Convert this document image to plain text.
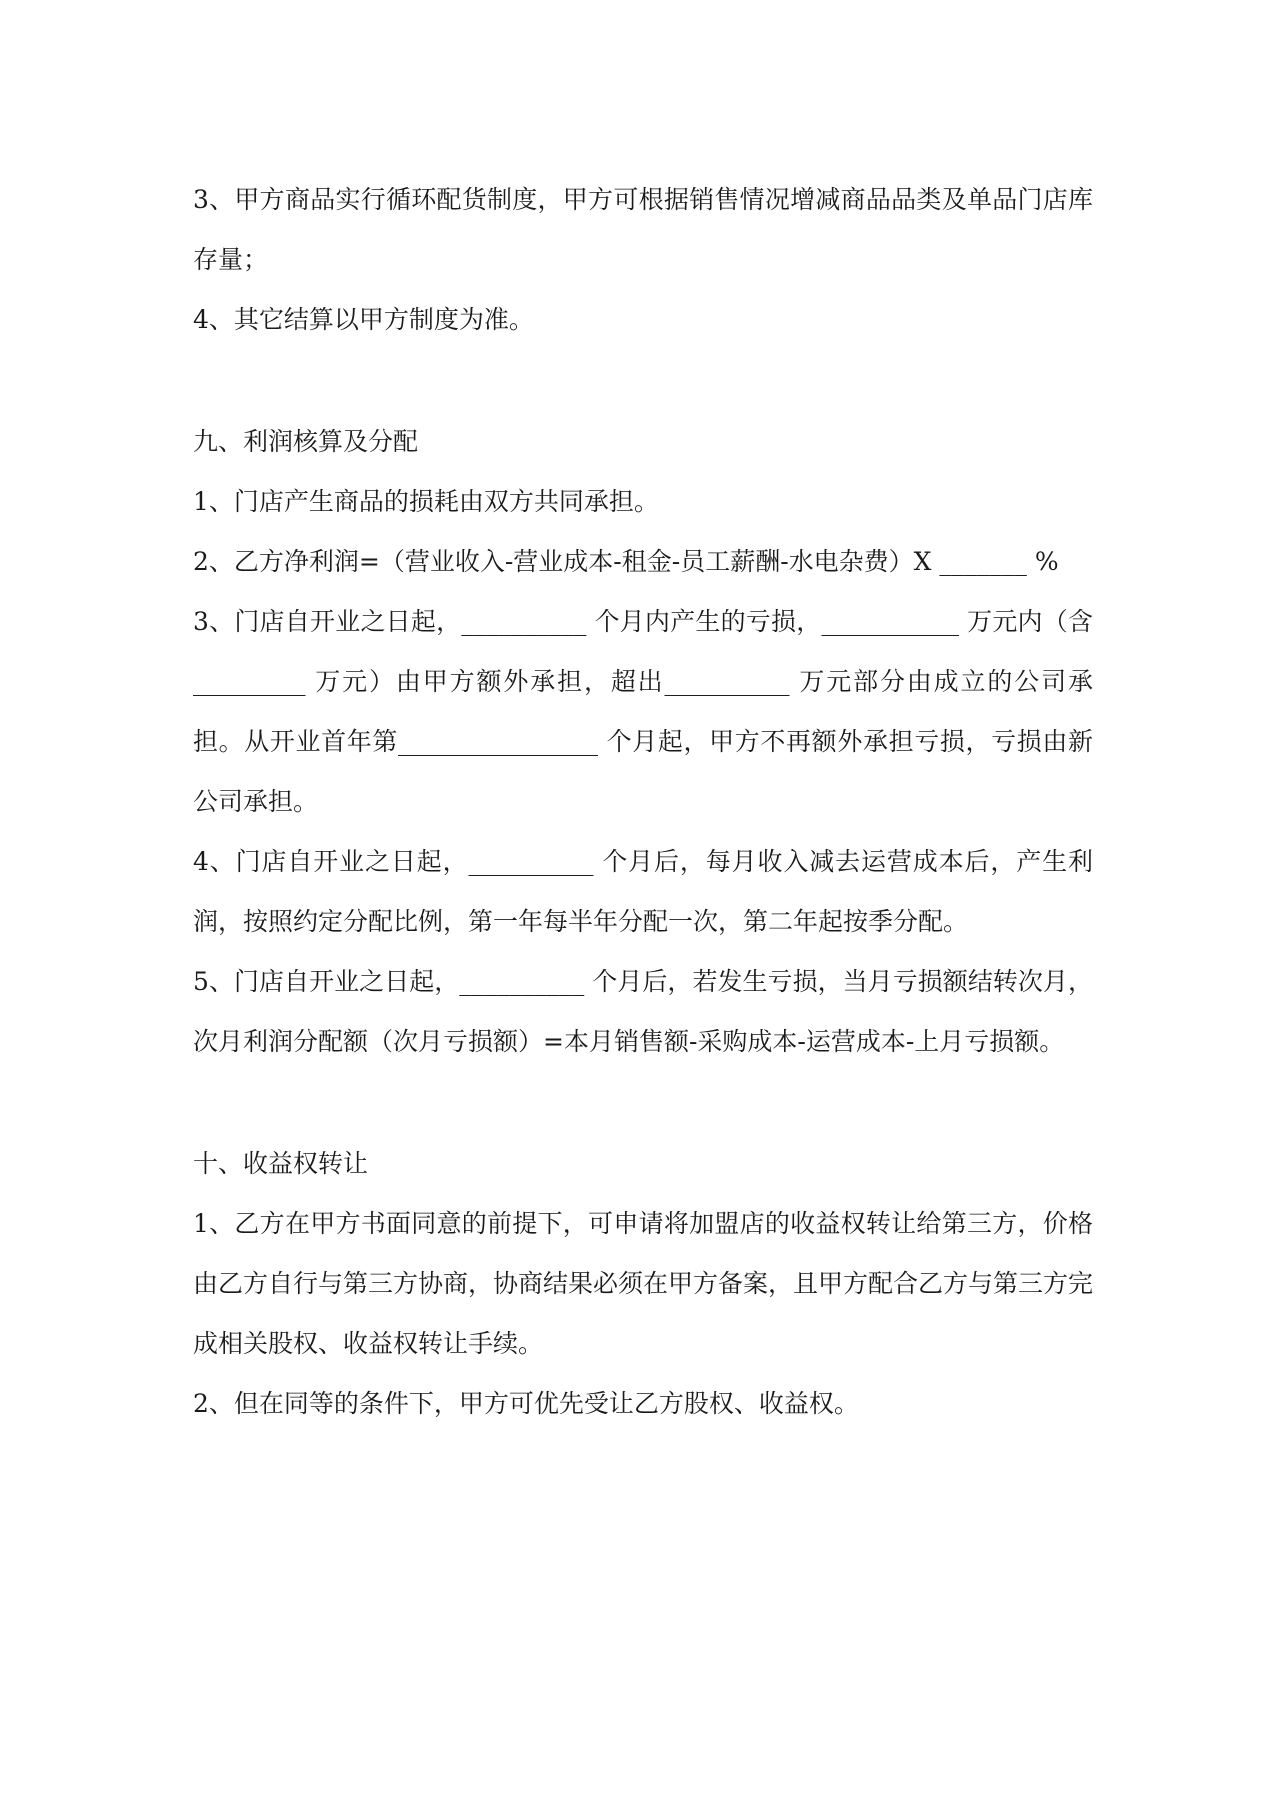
3、甲方商品实行循环配货制度，甲方可根据销售情况增减商品品类及单品门店库存量；

4、其它结算以甲方制度为准。

九、利润核算及分配

1、门店产生商品的损耗由双方共同承担。

2、乙方净利润=（营业收入-营业成本-租金-员工薪酬-水电杂费）X _______ %

3、门店自开业之日起，__________ 个月内产生的亏损，___________ 万元内（含_________ 万元）由甲方额外承担，超出__________ 万元部分由成立的公司承担。从开业首年第________________ 个月起，甲方不再额外承担亏损，亏损由新公司承担。

4、门店自开业之日起，__________ 个月后，每月收入减去运营成本后，产生利润，按照约定分配比例，第一年每半年分配一次，第二年起按季分配。

5、门店自开业之日起，__________ 个月后，若发生亏损，当月亏损额结转次月，次月利润分配额（次月亏损额）=本月销售额-采购成本-运营成本-上月亏损额。

十、收益权转让

1、乙方在甲方书面同意的前提下，可申请将加盟店的收益权转让给第三方，价格由乙方自行与第三方协商，协商结果必须在甲方备案，且甲方配合乙方与第三方完成相关股权、收益权转让手续。

2、但在同等的条件下，甲方可优先受让乙方股权、收益权。
